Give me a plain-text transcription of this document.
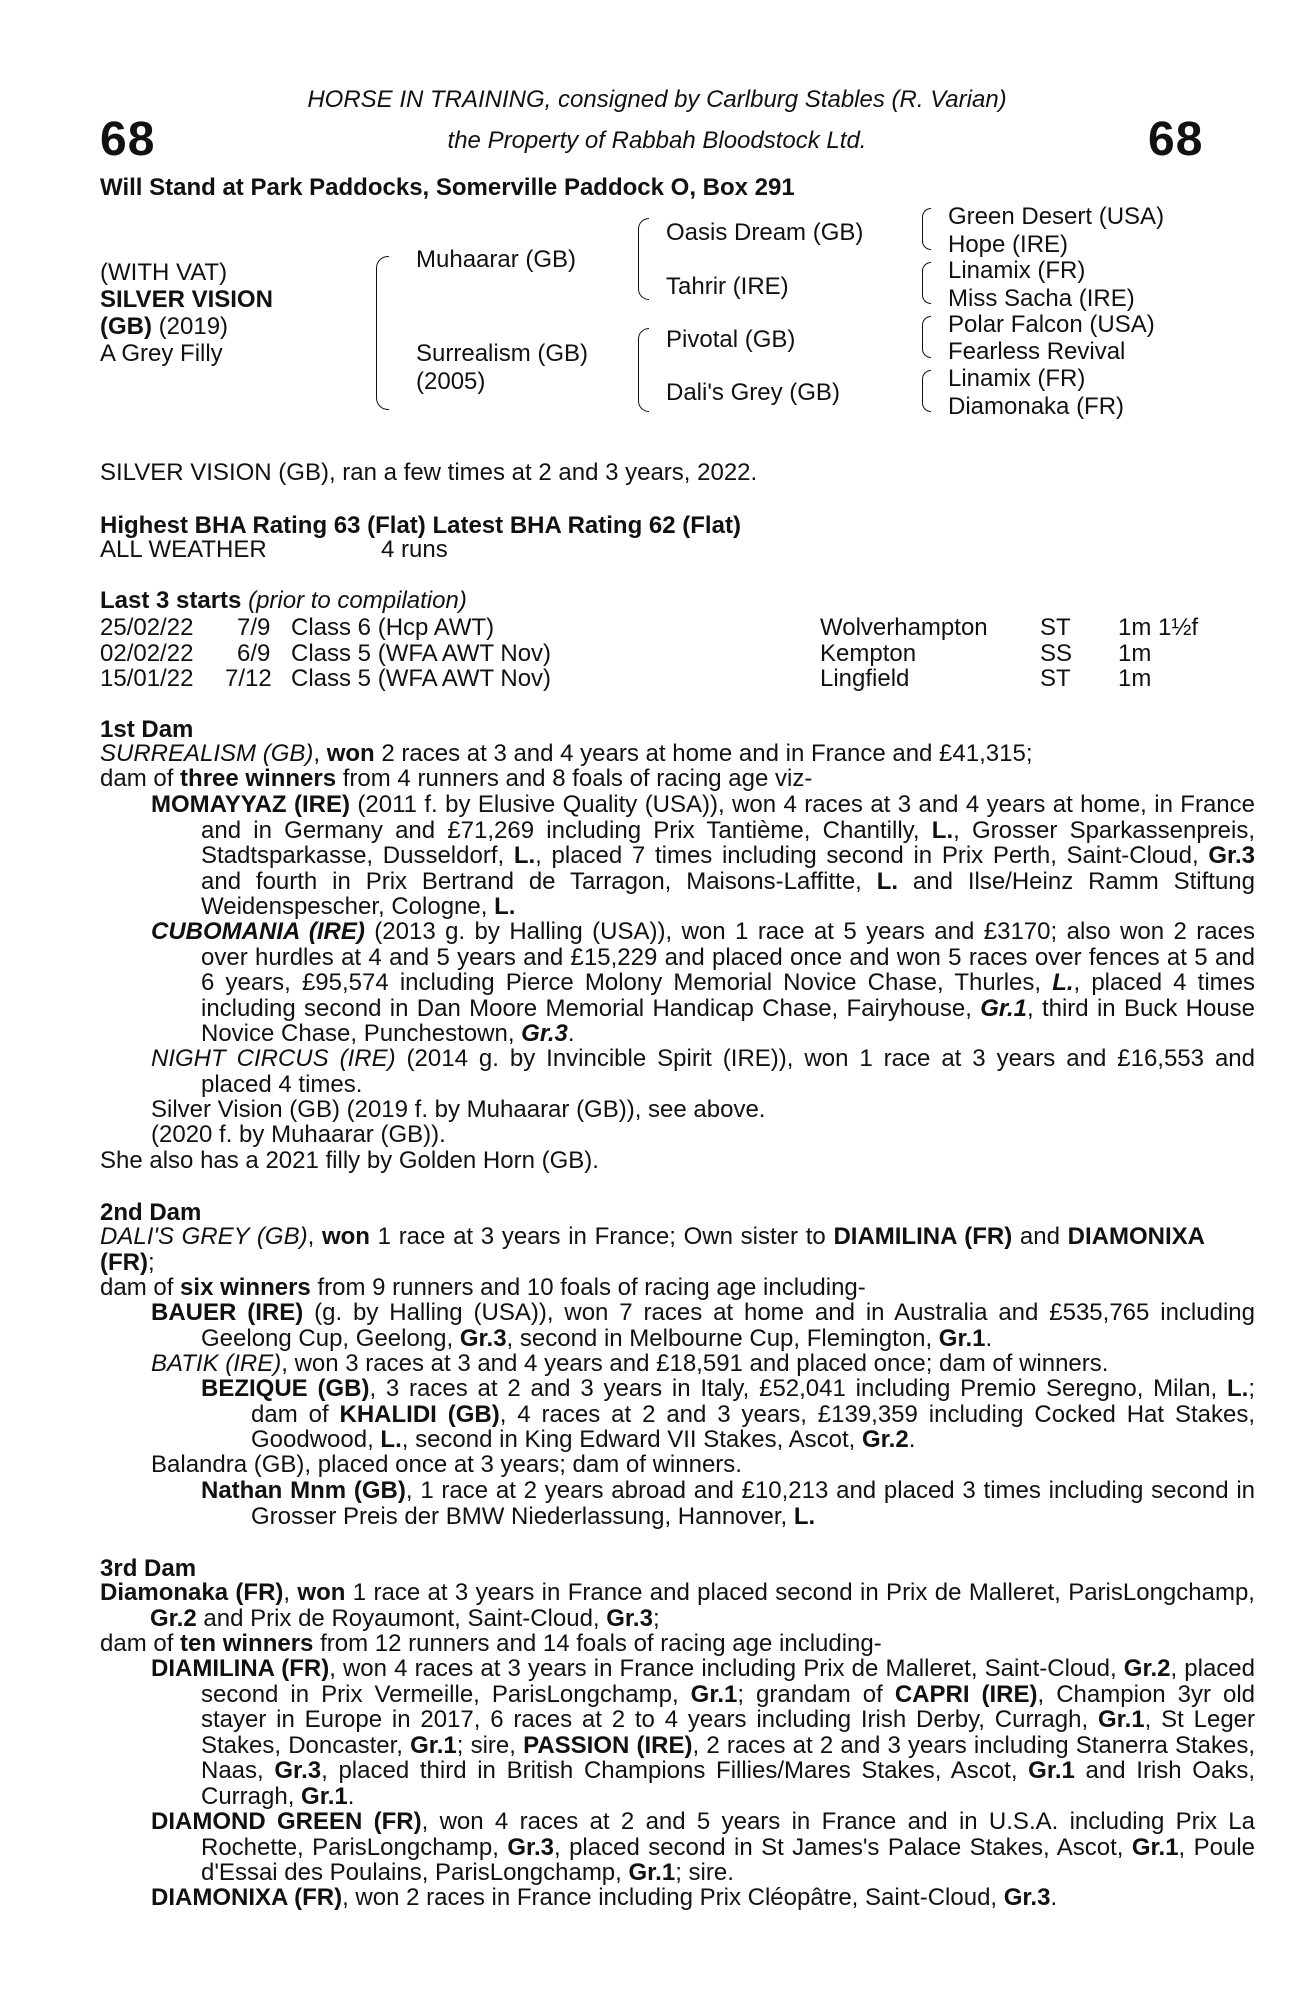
68	68
HORSE IN TRAINING, consigned by Carlburg Stables (R. Varian)
the Property of Rabbah Bloodstock Ltd.
Will Stand at Park Paddocks, Somerville Paddock O, Box 291
(WITH VAT)
SILVER VISION
(GB) (2019)
A Grey Filly
Muhaarar (GB)
Surrealism (GB)
(2005)
Oasis Dream (GB)
Tahrir (IRE)
Pivotal (GB)
Dali's Grey (GB)
Green Desert (USA)
Hope (IRE)
Linamix (FR)
Miss Sacha (IRE)
Polar Falcon (USA)
Fearless Revival
Linamix (FR)
Diamonaka (FR)
SILVER VISION (GB), ran a few times at 2 and 3 years, 2022.
Highest BHA Rating 63 (Flat) Latest BHA Rating 62 (Flat)
ALL WEATHER	4 runs
Last 3 starts (prior to compilation)
25/02/22 7/9 Class 6 (Hcp AWT)	Wolverhampton ST 1m 1½f
02/02/22 6/9 Class 5 (WFA AWT Nov)	Kempton	SS 1m
15/01/22 7/12 Class 5 (WFA AWT Nov)	Lingfield	ST 1m
1st Dam
SURREALISM (GB), won 2 races at 3 and 4 years at home and in France and £41,315;
dam of three winners from 4 runners and 8 foals of racing age viz-
MOMAYYAZ (IRE) (2011 f. by Elusive Quality (USA)), won 4 races at 3 and 4 years at home, in France and in Germany and £71,269 including Prix Tantième, Chantilly, L., Grosser Sparkassenpreis, Stadtsparkasse, Dusseldorf, L., placed 7 times including second in Prix Perth, Saint-Cloud, Gr.3 and fourth in Prix Bertrand de Tarragon, Maisons-Laffitte, L. and Ilse/Heinz Ramm Stiftung Weidenspescher, Cologne, L.
CUBOMANIA (IRE) (2013 g. by Halling (USA)), won 1 race at 5 years and £3170; also won 2 races over hurdles at 4 and 5 years and £15,229 and placed once and won 5 races over fences at 5 and 6 years, £95,574 including Pierce Molony Memorial Novice Chase, Thurles, L., placed 4 times including second in Dan Moore Memorial Handicap Chase, Fairyhouse, Gr.1, third in Buck House Novice Chase, Punchestown, Gr.3.
NIGHT CIRCUS (IRE) (2014 g. by Invincible Spirit (IRE)), won 1 race at 3 years and £16,553 and placed 4 times.
Silver Vision (GB) (2019 f. by Muhaarar (GB)), see above.
(2020 f. by Muhaarar (GB)).
She also has a 2021 filly by Golden Horn (GB).
2nd Dam
DALI'S GREY (GB), won 1 race at 3 years in France; Own sister to DIAMILINA (FR) and DIAMONIXA (FR);
dam of six winners from 9 runners and 10 foals of racing age including-
BAUER (IRE) (g. by Halling (USA)), won 7 races at home and in Australia and £535,765 including Geelong Cup, Geelong, Gr.3, second in Melbourne Cup, Flemington, Gr.1.
BATIK (IRE), won 3 races at 3 and 4 years and £18,591 and placed once; dam of winners.
BEZIQUE (GB), 3 races at 2 and 3 years in Italy, £52,041 including Premio Seregno, Milan, L.; dam of KHALIDI (GB), 4 races at 2 and 3 years, £139,359 including Cocked Hat Stakes, Goodwood, L., second in King Edward VII Stakes, Ascot, Gr.2.
Balandra (GB), placed once at 3 years; dam of winners.
Nathan Mnm (GB), 1 race at 2 years abroad and £10,213 and placed 3 times including second in Grosser Preis der BMW Niederlassung, Hannover, L.
3rd Dam
Diamonaka (FR), won 1 race at 3 years in France and placed second in Prix de Malleret, ParisLongchamp, Gr.2 and Prix de Royaumont, Saint-Cloud, Gr.3;
dam of ten winners from 12 runners and 14 foals of racing age including-
DIAMILINA (FR), won 4 races at 3 years in France including Prix de Malleret, Saint-Cloud, Gr.2, placed second in Prix Vermeille, ParisLongchamp, Gr.1; grandam of CAPRI (IRE), Champion 3yr old stayer in Europe in 2017, 6 races at 2 to 4 years including Irish Derby, Curragh, Gr.1, St Leger Stakes, Doncaster, Gr.1; sire, PASSION (IRE), 2 races at 2 and 3 years including Stanerra Stakes, Naas, Gr.3, placed third in British Champions Fillies/Mares Stakes, Ascot, Gr.1 and Irish Oaks, Curragh, Gr.1.
DIAMOND GREEN (FR), won 4 races at 2 and 5 years in France and in U.S.A. including Prix La Rochette, ParisLongchamp, Gr.3, placed second in St James's Palace Stakes, Ascot, Gr.1, Poule d'Essai des Poulains, ParisLongchamp, Gr.1; sire.
DIAMONIXA (FR), won 2 races in France including Prix Cléopâtre, Saint-Cloud, Gr.3.
